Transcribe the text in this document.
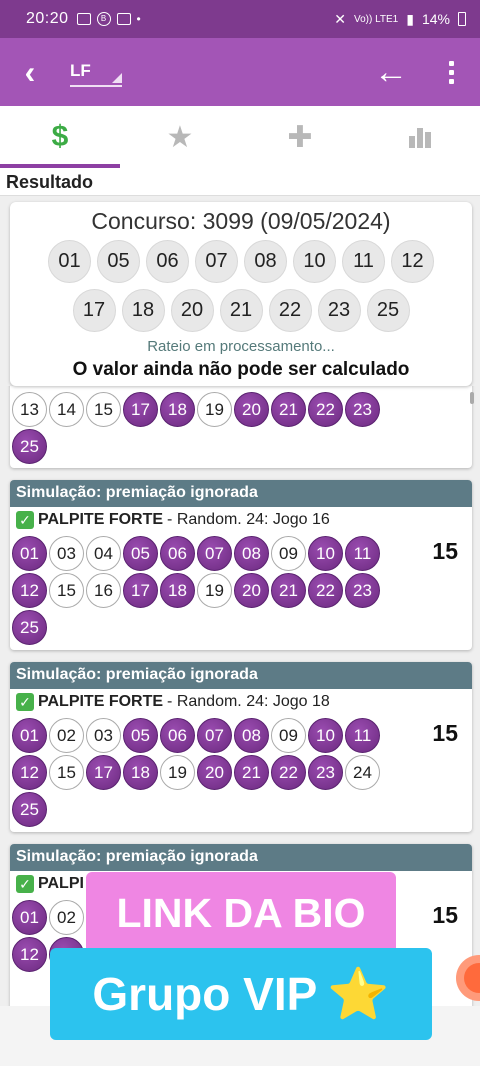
20:20	B	•	✕ Vo)) LTE1 ▮ 14%
‹	LF	←
$	★	✚
Resultado
Concurso: 3099 (09/05/2024)
01	05	06	07	08	10	11	12
17	18	20	21	22	23	25
Rateio em processamento...
O valor ainda não pode ser calculado
13	14	15	17	18	19	20	21	22	23
25
Simulação: premiação ignorada
✓ PALPITE FORTE - Random. 24: Jogo 16
01	03	04	05	06	07	08	09	10	11
12	15	16	17	18	19	20	21	22	23
25
15
Simulação: premiação ignorada
✓ PALPITE FORTE - Random. 24: Jogo 18
01	02	03	05	06	07	08	09	10	11
12	15	17	18	19	20	21	22	23	24
25
15
Simulação: premiação ignorada
✓ PALPI
01	02
12
15
LINK DA BIO
Grupo VIP ⭐
